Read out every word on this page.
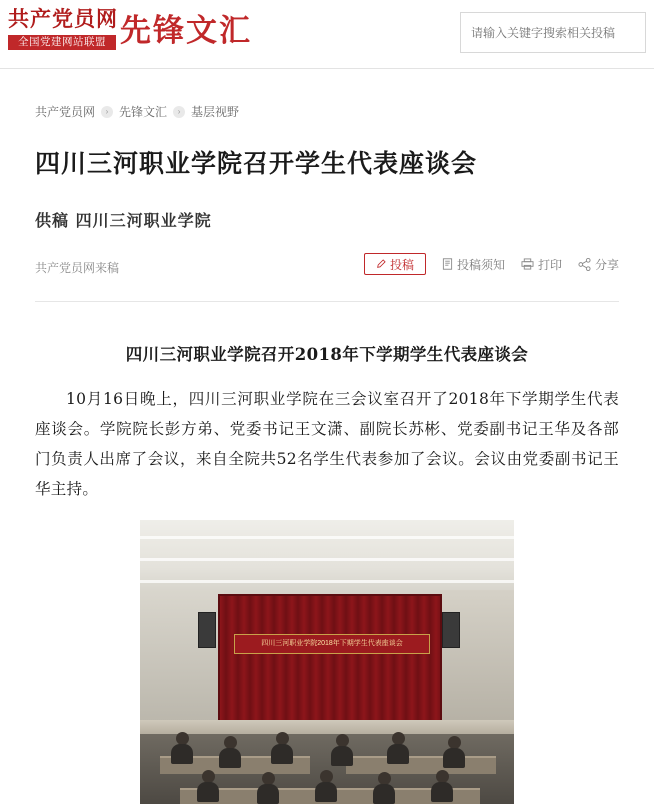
共产党员网
全国党建网站联盟 先锋文汇
请输入关键字搜索相关投稿
共产党员网	› 先锋文汇	› 基层视野
四川三河职业学院召开学生代表座谈会
供稿 四川三河职业学院
共产党员网来稿	投稿	投稿须知	打印	分享
四川三河职业学院召开2018年下学期学生代表座谈会

10月16日晚上，四川三河职业学院在三会议室召开了2018年下学期学生代表座谈会。学院院长彭方弟、党委书记王文潇、副院长苏彬、党委副书记王华及各部门负责人出席了会议，来自全院共52名学生代表参加了会议。会议由党委副书记王华主持。

四川三河职业学院2018年下期学生代表座谈会
